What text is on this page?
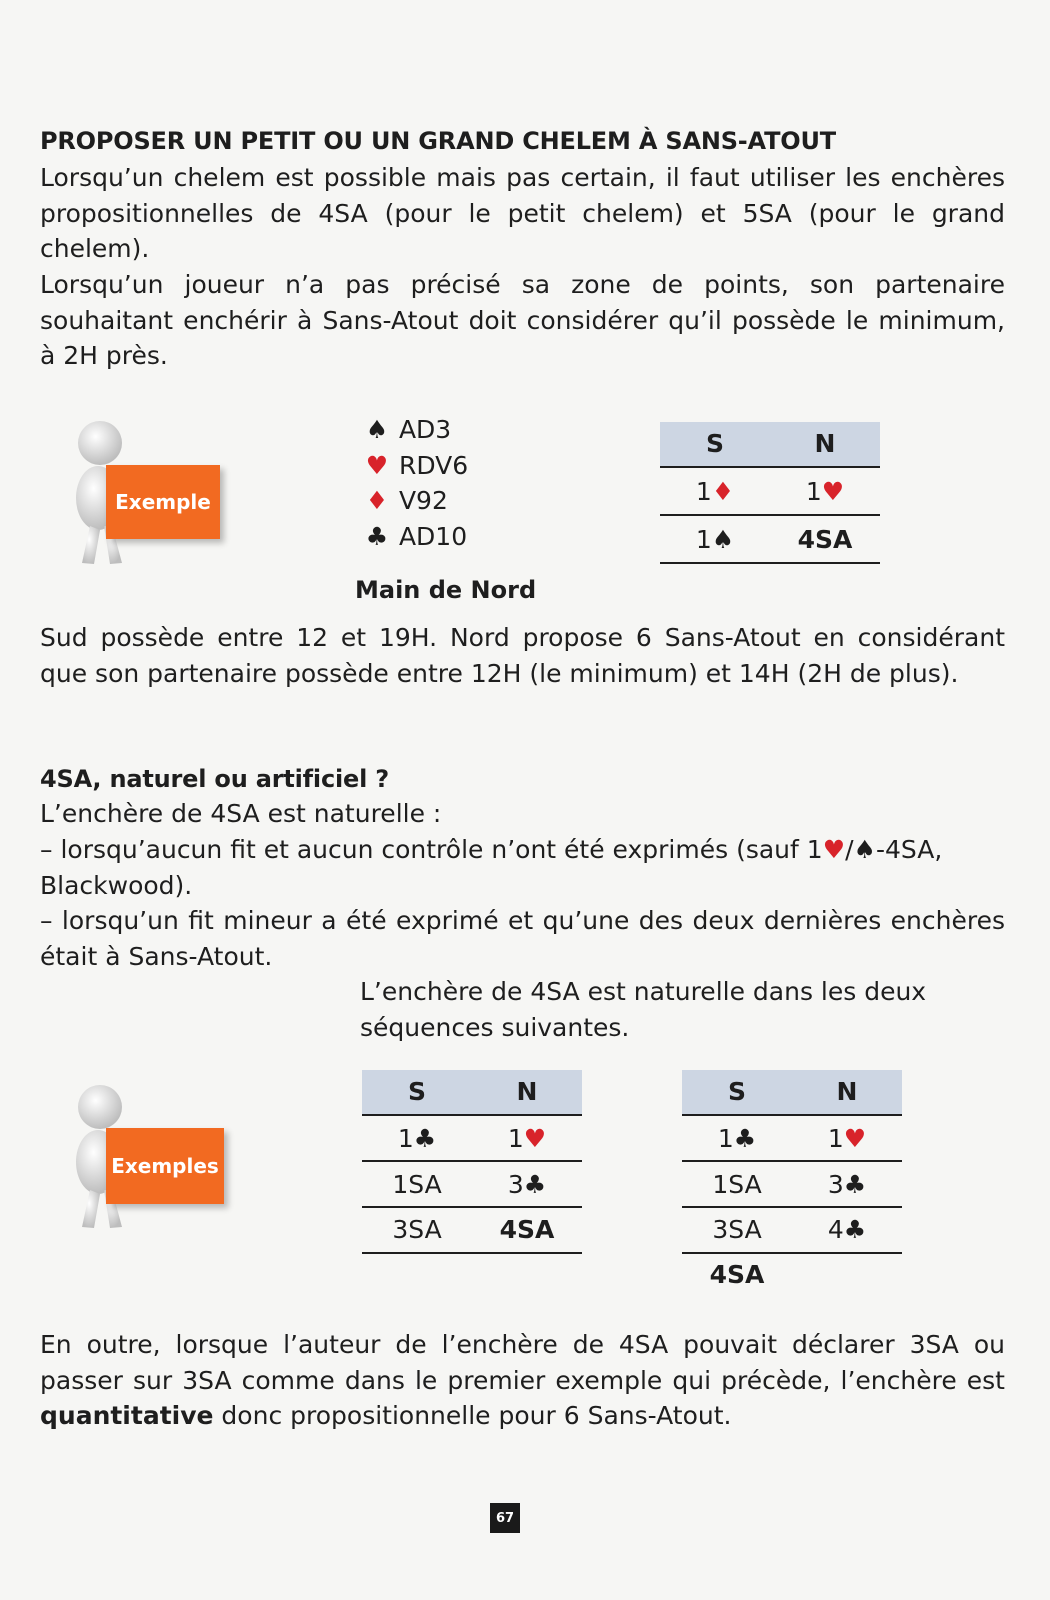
PROPOSER UN PETIT OU UN GRAND CHELEM À SANS-ATOUT

Lorsqu’un chelem est possible mais pas certain, il faut utiliser les enchères propositionnelles de 4SA (pour le petit chelem) et 5SA (pour le grand chelem).

Lorsqu’un joueur n’a pas précisé sa zone de points, son partenaire souhaitant enchérir à Sans-Atout doit considérer qu’il possède le minimum, à 2H près.

Exemple
♠ AD3
♥ RDV6
♦ V92
♣ AD10
Main de Nord
S	N
1♦	1♥
1♠	4SA

Sud possède entre 12 et 19H. Nord propose 6 Sans-Atout en considérant que son partenaire possède entre 12H (le minimum) et 14H (2H de plus).

4SA, naturel ou artificiel ?

L’enchère de 4SA est naturelle :

– lorsqu’aucun fit et aucun contrôle n’ont été exprimés (sauf 1♥/♠-4SA, Blackwood).

– lorsqu’un fit mineur a été exprimé et qu’une des deux dernières enchères était à Sans-Atout.

L’enchère de 4SA est naturelle dans les deux séquences suivantes.

Exemples
S	N
1♣	1♥
1SA	3♣
3SA	4SA
S	N
1♣	1♥
1SA	3♣
3SA	4♣
4SA

En outre, lorsque l’auteur de l’enchère de 4SA pouvait déclarer 3SA ou passer sur 3SA comme dans le premier exemple qui précède, l’enchère est quantitative donc propositionnelle pour 6 Sans-Atout.

67
